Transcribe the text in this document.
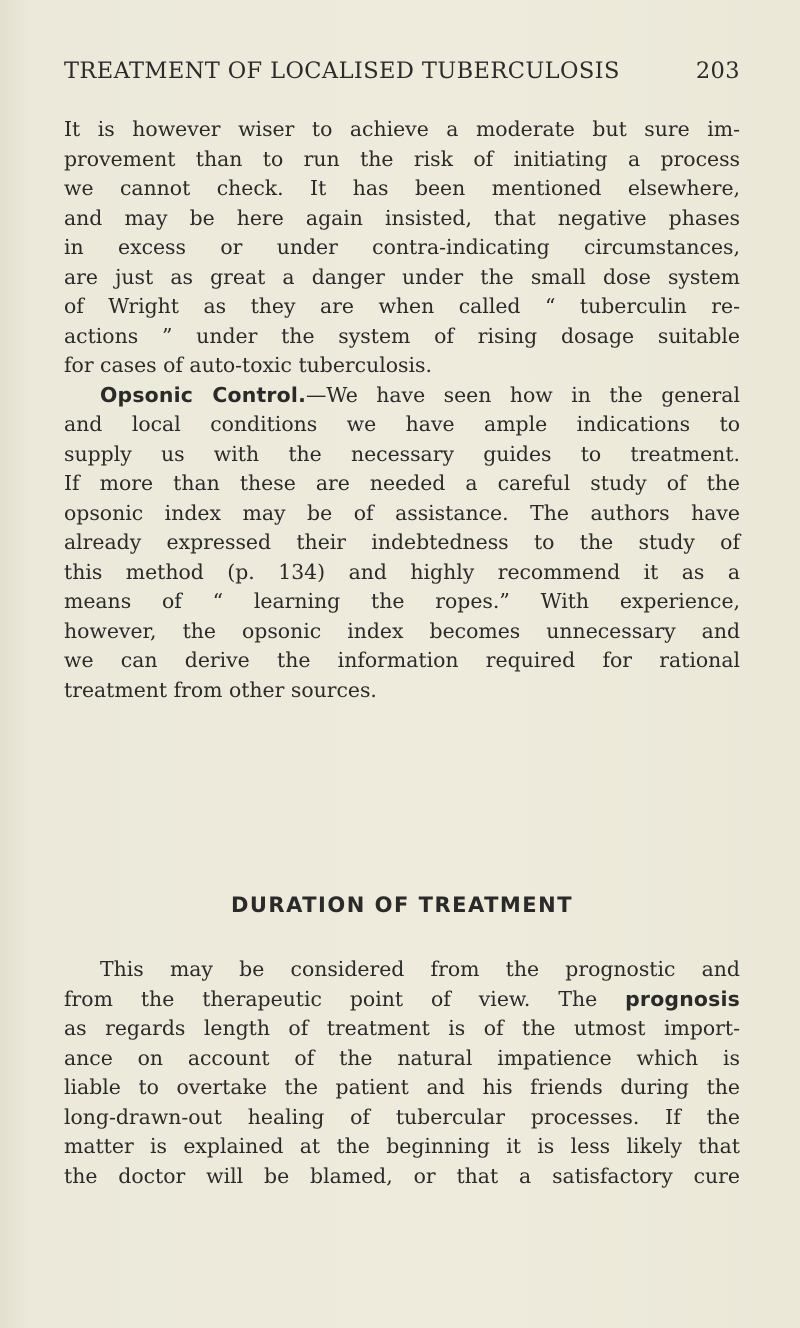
TREATMENT OF LOCALISED TUBERCULOSIS	203
It is however wiser to achieve a moderate but sure im-
provement than to run the risk of initiating a process
we cannot check. It has been mentioned elsewhere,
and may be here again insisted, that negative phases
in excess or under contra-indicating circumstances,
are just as great a danger under the small dose system
of Wright as they are when called “ tuberculin re-
actions ” under the system of rising dosage suitable
for cases of auto-toxic tuberculosis.
Opsonic Control.—We have seen how in the general
and local conditions we have ample indications to
supply us with the necessary guides to treatment.
If more than these are needed a careful study of the
opsonic index may be of assistance. The authors have
already expressed their indebtedness to the study of
this method (p. 134) and highly recommend it as a
means of “ learning the ropes.” With experience,
however, the opsonic index becomes unnecessary and
we can derive the information required for rational
treatment from other sources.
DURATION OF TREATMENT
This may be considered from the prognostic and
from the therapeutic point of view. The prognosis
as regards length of treatment is of the utmost import-
ance on account of the natural impatience which is
liable to overtake the patient and his friends during the
long-drawn-out healing of tubercular processes. If the
matter is explained at the beginning it is less likely that
the doctor will be blamed, or that a satisfactory cure
